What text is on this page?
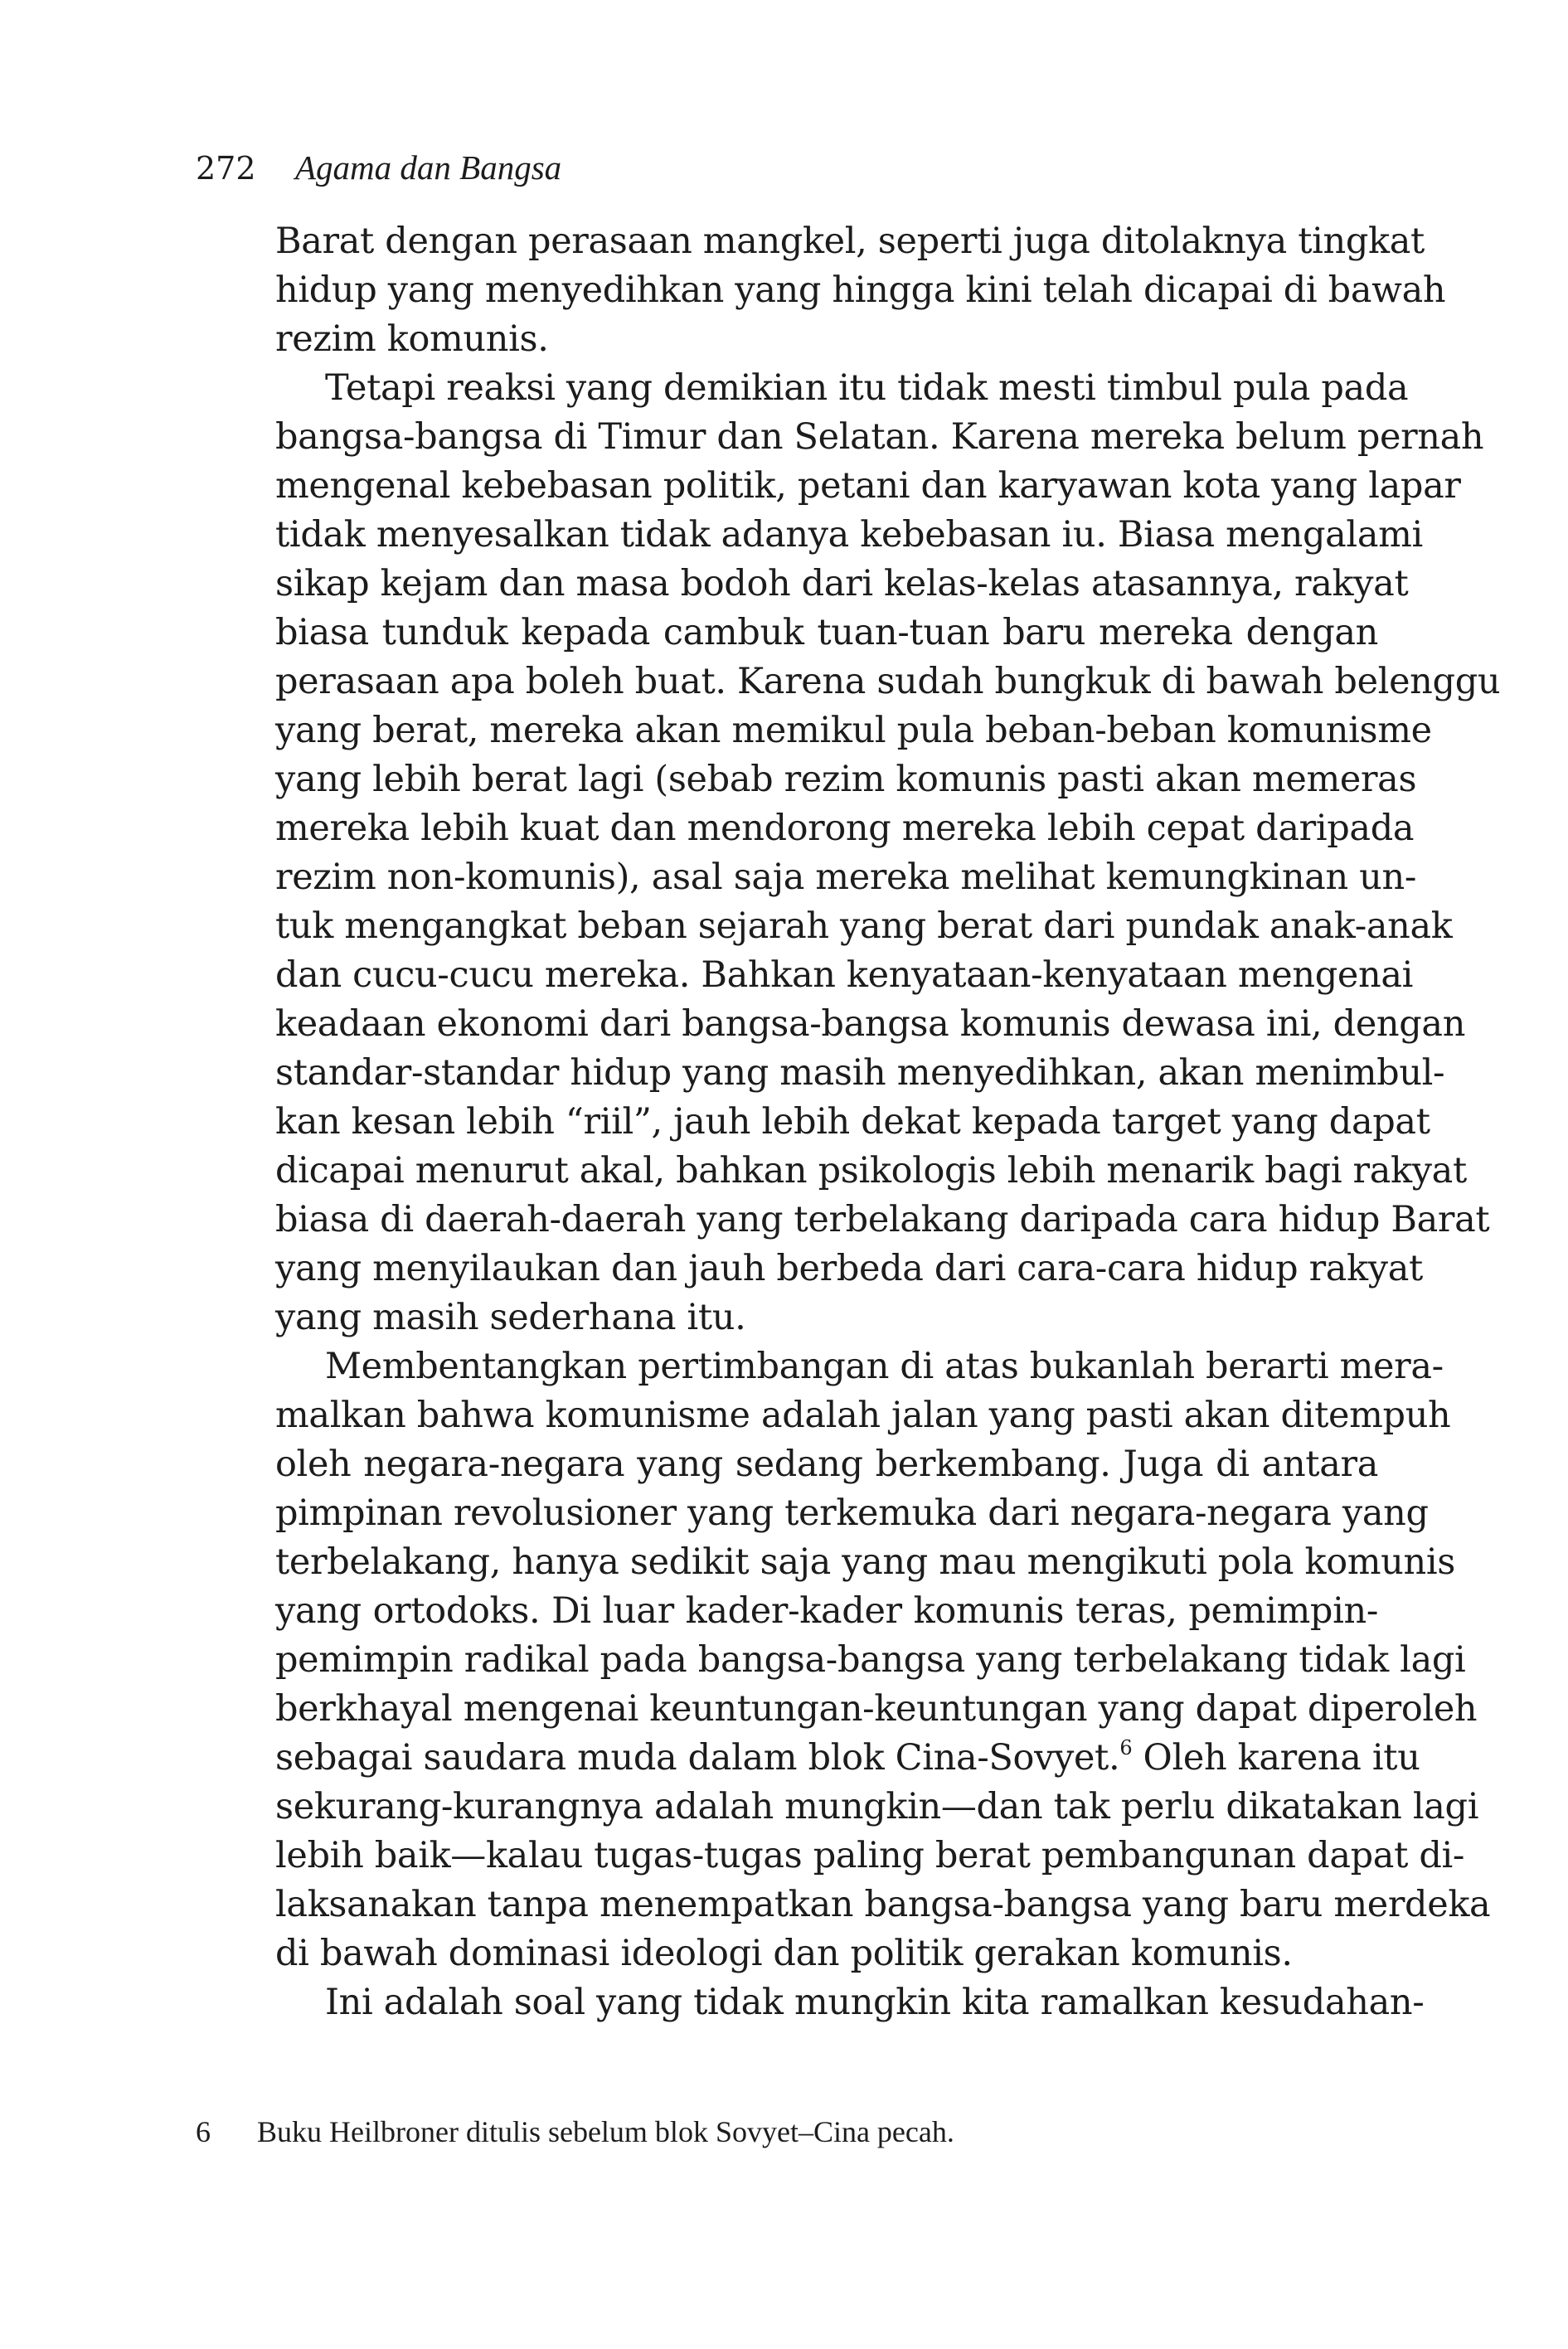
272	Agama dan Bangsa

Barat dengan perasaan mangkel, seperti juga ditolaknya tingkat
hidup yang menyedihkan yang hingga kini telah dicapai di bawah
rezim komunis.

Tetapi reaksi yang demikian itu tidak mesti timbul pula pada
bangsa-bangsa di Timur dan Selatan. Karena mereka belum pernah
mengenal kebebasan politik, petani dan karyawan kota yang lapar
tidak menyesalkan tidak adanya kebebasan iu. Biasa mengalami
sikap kejam dan masa bodoh dari kelas-kelas atasannya, rakyat
biasa tunduk kepada cambuk tuan-tuan baru mereka dengan
perasaan apa boleh buat. Karena sudah bungkuk di bawah belenggu
yang berat, mereka akan memikul pula beban-beban komunisme
yang lebih berat lagi (sebab rezim komunis pasti akan memeras
mereka lebih kuat dan mendorong mereka lebih cepat daripada
rezim non-komunis), asal saja mereka melihat kemungkinan un-
tuk mengangkat beban sejarah yang berat dari pundak anak-anak
dan cucu-cucu mereka. Bahkan kenyataan-kenyataan mengenai
keadaan ekonomi dari bangsa-bangsa komunis dewasa ini, dengan
standar-standar hidup yang masih menyedihkan, akan menimbul-
kan kesan lebih “riil”, jauh lebih dekat kepada target yang dapat
dicapai menurut akal, bahkan psikologis lebih menarik bagi rakyat
biasa di daerah-daerah yang terbelakang daripada cara hidup Barat
yang menyilaukan dan jauh berbeda dari cara-cara hidup rakyat
yang masih sederhana itu.

Membentangkan pertimbangan di atas bukanlah berarti mera-
malkan bahwa komunisme adalah jalan yang pasti akan ditempuh
oleh negara-negara yang sedang berkembang. Juga di antara
pimpinan revolusioner yang terkemuka dari negara-negara yang
terbelakang, hanya sedikit saja yang mau mengikuti pola komunis
yang ortodoks. Di luar kader-kader komunis teras, pemimpin-
pemimpin radikal pada bangsa-bangsa yang terbelakang tidak lagi
berkhayal mengenai keuntungan-keuntungan yang dapat diperoleh
sebagai saudara muda dalam blok Cina-Sovyet.$^6$ Oleh karena itu
sekurang-kurangnya adalah mungkin—dan tak perlu dikatakan lagi
lebih baik—kalau tugas-tugas paling berat pembangunan dapat di-
laksanakan tanpa menempatkan bangsa-bangsa yang baru merdeka
di bawah dominasi ideologi dan politik gerakan komunis.

Ini adalah soal yang tidak mungkin kita ramalkan kesudahan-

6	Buku Heilbroner ditulis sebelum blok Sovyet–Cina pecah.
